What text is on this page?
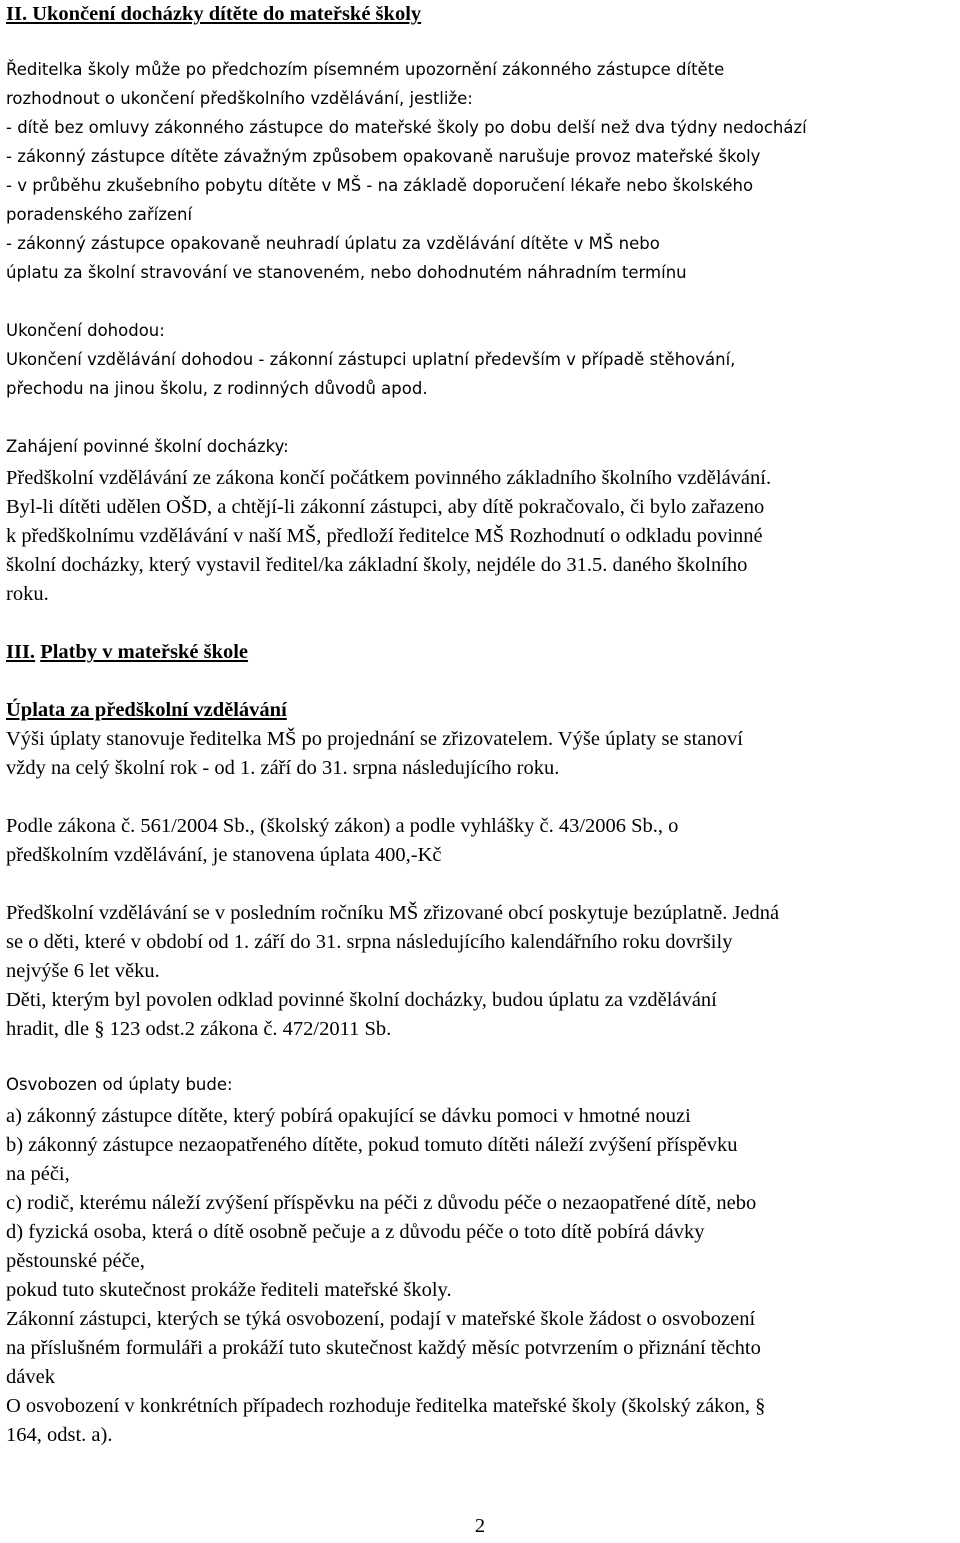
II. Ukončení docházky dítěte do mateřské školy
Ředitelka školy může po předchozím písemném upozornění zákonného zástupce dítěte
rozhodnout o ukončení předškolního vzdělávání, jestliže:
- dítě bez omluvy zákonného zástupce do mateřské školy po dobu delší než dva týdny nedochází
- zákonný zástupce dítěte závažným způsobem opakovaně narušuje provoz mateřské školy
- v průběhu zkušebního pobytu dítěte v MŠ - na základě doporučení lékaře nebo školského
poradenského zařízení
- zákonný zástupce opakovaně neuhradí úplatu za vzdělávání dítěte v MŠ nebo
úplatu za školní stravování ve stanoveném, nebo dohodnutém náhradním termínu
Ukončení dohodou:
Ukončení vzdělávání dohodou - zákonní zástupci uplatní především v případě stěhování,
přechodu na jinou školu, z rodinných důvodů apod.
Zahájení povinné školní docházky:
Předškolní vzdělávání ze zákona končí počátkem povinného základního školního vzdělávání.
Byl-li dítěti udělen OŠD, a chtějí-li zákonní zástupci, aby dítě pokračovalo, či bylo zařazeno
k předškolnímu vzdělávání v naší MŠ, předloží ředitelce MŠ Rozhodnutí o odkladu povinné
školní docházky, který vystavil ředitel/ka základní školy, nejdéle do 31.5. daného školního
roku.
III. Platby v mateřské škole
Úplata za předškolní vzdělávání
Výši úplaty stanovuje ředitelka MŠ po projednání se zřizovatelem. Výše úplaty se stanoví
vždy na celý školní rok - od 1. září do 31. srpna následujícího roku.
Podle zákona č. 561/2004 Sb., (školský zákon) a podle vyhlášky č. 43/2006 Sb., o
předškolním vzdělávání, je stanovena úplata 400,-Kč
Předškolní vzdělávání se v posledním ročníku MŠ zřizované obcí poskytuje bezúplatně. Jedná
se o děti, které v období od 1. září do 31. srpna následujícího kalendářního roku dovršily
nejvýše 6 let věku.
Děti, kterým byl povolen odklad povinné školní docházky, budou úplatu za vzdělávání
hradit, dle § 123 odst.2 zákona č. 472/2011 Sb.
Osvobozen od úplaty bude:
a) zákonný zástupce dítěte, který pobírá opakující se dávku pomoci v hmotné nouzi
b) zákonný zástupce nezaopatřeného dítěte, pokud tomuto dítěti náleží zvýšení příspěvku
na péči,
c) rodič, kterému náleží zvýšení příspěvku na péči z důvodu péče o nezaopatřené dítě, nebo
d) fyzická osoba, která o dítě osobně pečuje a z důvodu péče o toto dítě pobírá dávky
pěstounské péče,
pokud tuto skutečnost prokáže řediteli mateřské školy.
Zákonní zástupci, kterých se týká osvobození, podají v mateřské škole žádost o osvobození
na příslušném formuláři a prokáží tuto skutečnost každý měsíc potvrzením o přiznání těchto
dávek
O osvobození v konkrétních případech rozhoduje ředitelka mateřské školy (školský zákon, §
164, odst. a).
2
